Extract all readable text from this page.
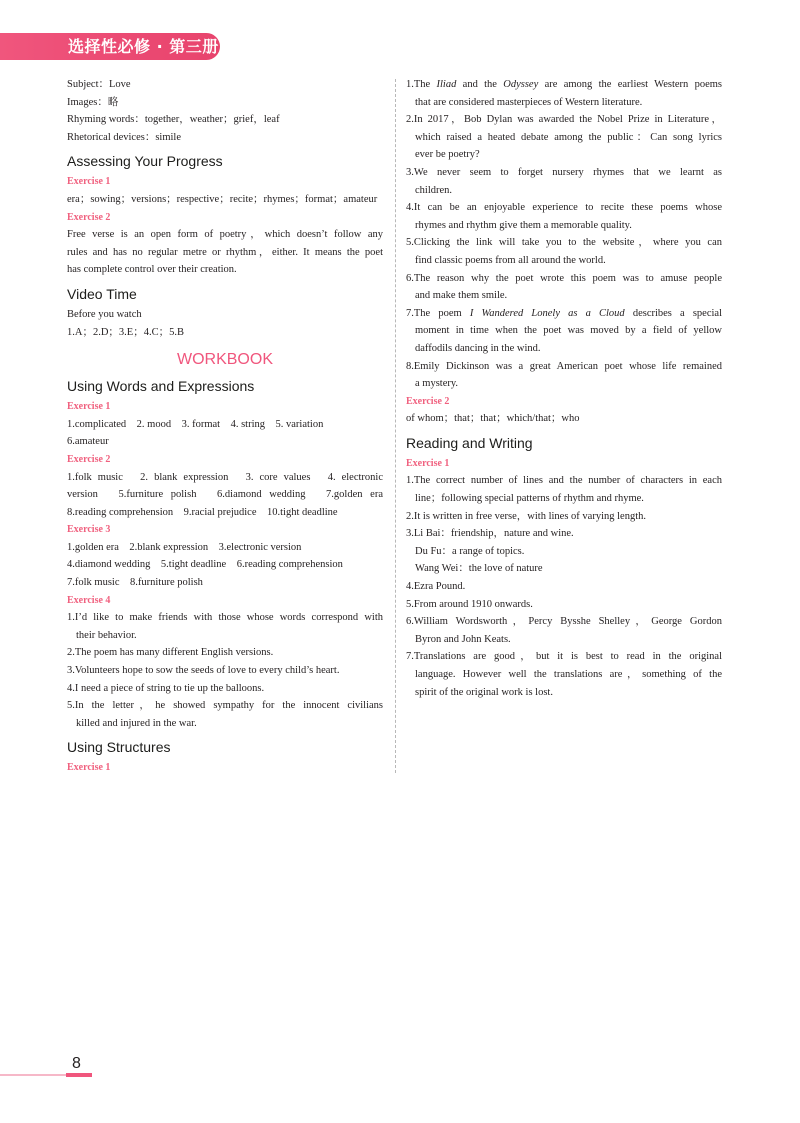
选择性必修 · 第三册
Subject：Love
Images：略
Rhyming words：together，weather；grief，leaf
Rhetorical devices：simile
Assessing Your Progress
Exercise 1
era；sowing；versions；respective；recite；rhymes；format；amateur
Exercise 2
Free verse is an open form of poetry，which doesn’t follow any
rules and has no regular metre or rhythm，either. It means the poet
has complete control over their creation.
Video Time
Before you watch
1.A；2.D；3.E；4.C；5.B
WORKBOOK
Using Words and Expressions
Exercise 1
1.complicated　2. mood　3. format　4. string　5. variation
6.amateur
Exercise 2
1.folk music　2. blank expression　3. core values　4. electronic
version　5.furniture polish　6.diamond wedding　7.golden era
8.reading comprehension　9.racial prejudice　10.tight deadline
Exercise 3
1.golden era　2.blank expression　3.electronic version
4.diamond wedding　5.tight deadline　6.reading comprehension
7.folk music　8.furniture polish
Exercise 4
1.I’d like to make friends with those whose words correspond with
their behavior.
2.The poem has many different English versions.
3.Volunteers hope to sow the seeds of love to every child’s heart.
4.I need a piece of string to tie up the balloons.
5.In the letter，he showed sympathy for the innocent civilians
killed and injured in the war.
Using Structures
Exercise 1
1.The Iliad and the Odyssey are among the earliest Western poems
that are considered masterpieces of Western literature.
2.In 2017，Bob Dylan was awarded the Nobel Prize in Literature，
which raised a heated debate among the public：Can song lyrics
ever be poetry?
3.We never seem to forget nursery rhymes that we learnt as
children.
4.It can be an enjoyable experience to recite these poems whose
rhymes and rhythm give them a memorable quality.
5.Clicking the link will take you to the website，where you can
find classic poems from all around the world.
6.The reason why the poet wrote this poem was to amuse people
and make them smile.
7.The poem I Wandered Lonely as a Cloud describes a special
moment in time when the poet was moved by a field of yellow
daffodils dancing in the wind.
8.Emily Dickinson was a great American poet whose life remained
a mystery.
Exercise 2
of whom；that；that；which/that；who
Reading and Writing
Exercise 1
1.The correct number of lines and the number of characters in each
line；following special patterns of rhythm and rhyme.
2.It is written in free verse，with lines of varying length.
3.Li Bai：friendship，nature and wine.
Du Fu：a range of topics.
Wang Wei：the love of nature
4.Ezra Pound.
5.From around 1910 onwards.
6.William Wordsworth，Percy Bysshe Shelley，George Gordon
Byron and John Keats.
7.Translations are good，but it is best to read in the original
language. However well the translations are，something of the
spirit of the original work is lost.
8
